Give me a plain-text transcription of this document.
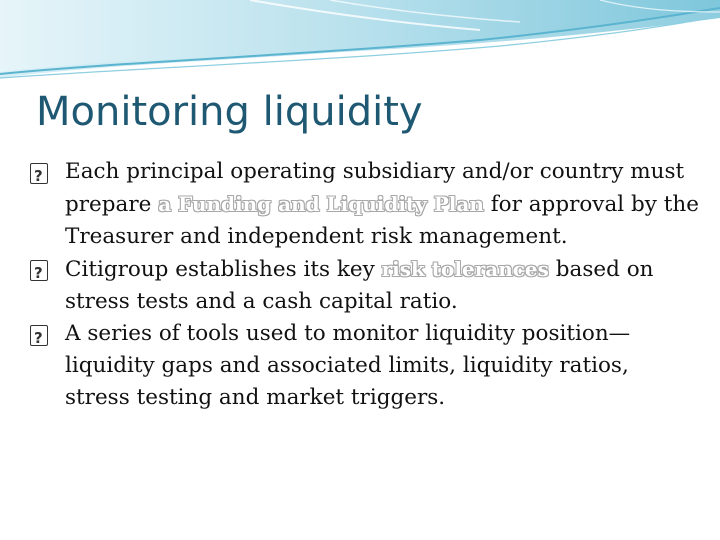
Monitoring liquidity

?
Each principal operating subsidiary and/or country must prepare a Funding and Liquidity Plan for approval by the Treasurer and independent risk management.

?
Citigroup establishes its key risk tolerances based on stress tests and a cash capital ratio.

?
A series of tools used to monitor liquidity position—liquidity gaps and associated limits, liquidity ratios, stress testing and market triggers.
